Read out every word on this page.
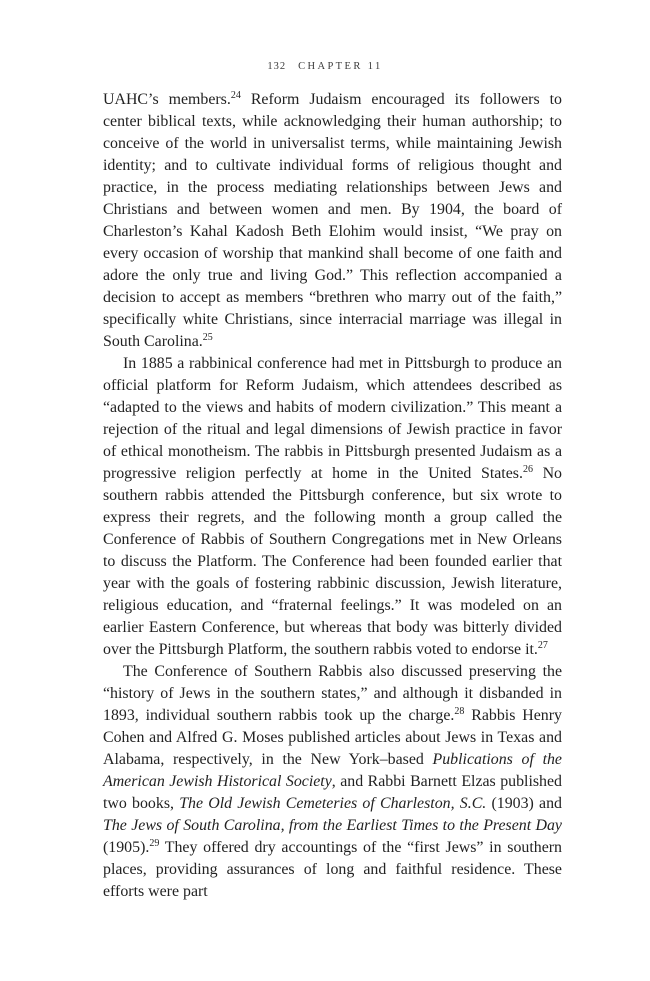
132 CHAPTER 11

UAHC’s members.$^{24}$ Reform Judaism encouraged its followers to center biblical texts, while acknowledging their human authorship; to conceive of the world in universalist terms, while maintaining Jewish identity; and to cultivate individual forms of religious thought and practice, in the process mediating relationships between Jews and Christians and between women and men. By 1904, the board of Charleston’s Kahal Kadosh Beth Elohim would insist, “We pray on every occasion of worship that mankind shall become of one faith and adore the only true and living God.” This reflection accompanied a decision to accept as members “brethren who marry out of the faith,” specifically white Christians, since interracial marriage was illegal in South Carolina.$^{25}$

In 1885 a rabbinical conference had met in Pittsburgh to produce an official platform for Reform Judaism, which attendees described as “adapted to the views and habits of modern civilization.” This meant a rejection of the ritual and legal dimensions of Jewish practice in favor of ethical monotheism. The rabbis in Pittsburgh presented Judaism as a progressive religion perfectly at home in the United States.$^{26}$ No southern rabbis attended the Pittsburgh conference, but six wrote to express their regrets, and the following month a group called the Conference of Rabbis of Southern Congregations met in New Orleans to discuss the Platform. The Conference had been founded earlier that year with the goals of fostering rabbinic discussion, Jewish literature, religious education, and “fraternal feelings.” It was modeled on an earlier Eastern Conference, but whereas that body was bitterly divided over the Pittsburgh Platform, the southern rabbis voted to endorse it.$^{27}$

The Conference of Southern Rabbis also discussed preserving the “history of Jews in the southern states,” and although it disbanded in 1893, individual southern rabbis took up the charge.$^{28}$ Rabbis Henry Cohen and Alfred G. Moses published articles about Jews in Texas and Alabama, respectively, in the New York–based Publications of the American Jewish Historical Society, and Rabbi Barnett Elzas published two books, The Old Jewish Cemeteries of Charleston, S.C. (1903) and The Jews of South Carolina, from the Earliest Times to the Present Day (1905).$^{29}$ They offered dry accountings of the “first Jews” in southern places, providing assurances of long and faithful residence. These efforts were part
